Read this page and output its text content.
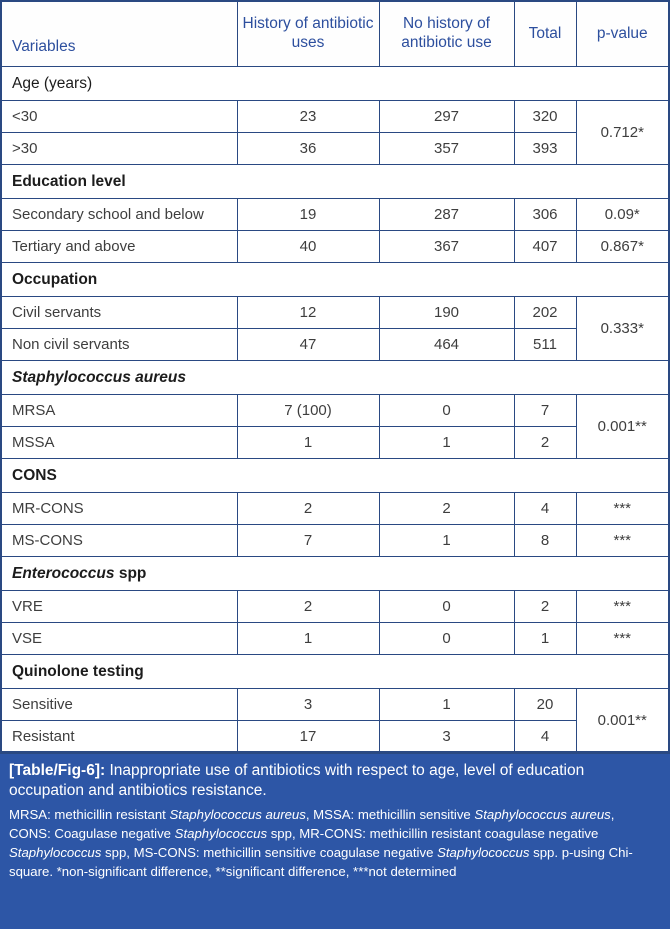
Variables	History of antibiotic uses	No history of antibiotic use	Total	p-value
Age (years)				
<30	23	297	320	0.712*
>30	36	357	393	
Education level				
Secondary school and below	19	287	306	0.09*
Tertiary and above	40	367	407	0.867*
Occupation				
Civil servants	12	190	202	0.333*
Non civil servants	47	464	511	
Staphylococcus aureus				
MRSA	7 (100)	0	7	0.001**
MSSA	1	1	2	
CONS				
MR-CONS	2	2	4	***
MS-CONS	7	1	8	***
Enterococcus spp				
VRE	2	0	2	***
VSE	1	0	1	***
Quinolone testing				
Sensitive	3	1	20	0.001**
Resistant	17	3	4	
[Table/Fig-6]: Inappropriate use of antibiotics with respect to age, level of education occupation and antibiotics resistance.
MRSA: methicillin resistant Staphylococcus aureus, MSSA: methicillin sensitive Staphylococcus aureus, CONS: Coagulase negative Staphylococcus spp, MR-CONS: methicillin resistant coagulase negative Staphylococcus spp, MS-CONS: methicillin sensitive coagulase negative Staphylococcus spp. p-using Chi-square. *non-significant difference, **significant difference, ***not determined
